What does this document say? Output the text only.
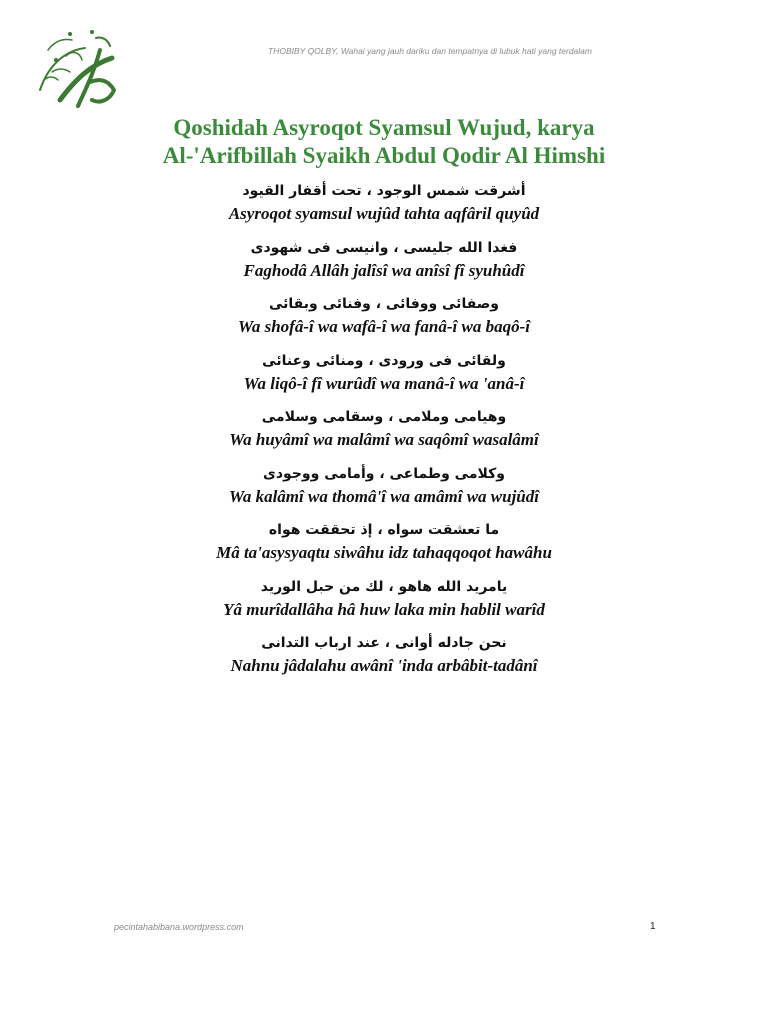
THOBIBY QOLBY, Wahai yang jauh dariku dan tempatnya di lubuk hati yang terdalam
Qoshidah Asyroqot Syamsul Wujud, karya
Al-'Arifbillah Syaikh Abdul Qodir Al Himshi
أشرقت شمس الوجود ، تحت أقفار القيود
Asyroqot syamsul wujûd tahta aqfâril quyûd
فغدا الله جليسى ، وانيسى فى شهودى
Faghodâ Allâh jalîsî wa anîsî fî syuhûdî
وصفائى ووفائى ، وفنائى وبقائى
Wa shofâ-î wa wafâ-î wa fanâ-î wa baqô-î
ولقائى فى ورودى ، ومنائى وعنائى
Wa liqô-î fî wurûdî wa manâ-î wa 'anâ-î
وهيامى وملامى ، وسقامى وسلامى
Wa huyâmî wa malâmî wa saqômî wasalâmî
وكلامى وطماعى ، وأمامى ووجودى
Wa kalâmî wa thomâ'î wa amâmî wa wujûdî
ما تعشقت سواه ، إذ تحققت هواه
Mâ ta'asysyaqtu siwâhu idz tahaqqoqot hawâhu
يامريد الله هاهو ، لك من حبل الوريد
Yâ murîdallâha hâ huw laka min hablil warîd
نحن جادله أوانى ، عند ارباب التدانى
Nahnu jâdalahu awânî 'inda arbâbit-tadânî
pecintahabibana.wordpress.com	1
